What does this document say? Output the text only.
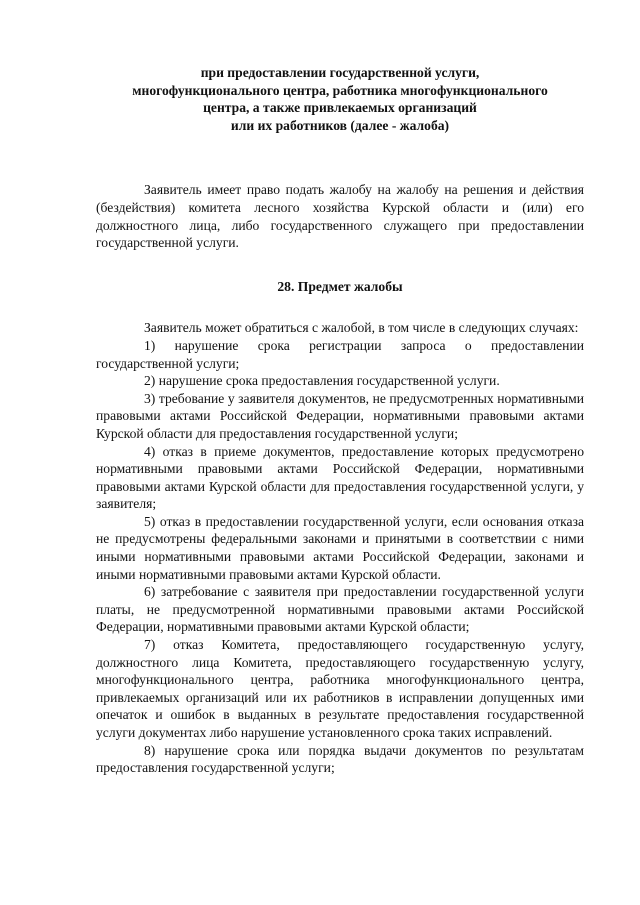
при предоставлении государственной услуги,
многофункционального центра, работника многофункционального
центра, а также привлекаемых организаций
или их работников (далее - жалоба)

Заявитель имеет право подать жалобу на жалобу на решения и действия (бездействия) комитета лесного хозяйства Курской области и (или) его должностного лица, либо государственного служащего при предоставлении государственной услуги.

28. Предмет жалобы

Заявитель может обратиться с жалобой, в том числе в следующих случаях:

1) нарушение срока регистрации запроса о предоставлении государственной услуги;

2) нарушение срока предоставления государственной услуги.

3) требование у заявителя документов, не предусмотренных нормативными правовыми актами Российской Федерации, нормативными правовыми актами Курской области для предоставления государственной услуги;

4) отказ в приеме документов, предоставление которых предусмотрено нормативными правовыми актами Российской Федерации, нормативными правовыми актами Курской области для предоставления государственной услуги, у заявителя;

5) отказ в предоставлении государственной услуги, если основания отказа не предусмотрены федеральными законами и принятыми в соответствии с ними иными нормативными правовыми актами Российской Федерации, законами и иными нормативными правовыми актами Курской области.

6) затребование с заявителя при предоставлении государственной услуги платы, не предусмотренной нормативными правовыми актами Российской Федерации, нормативными правовыми актами Курской области;

7) отказ Комитета, предоставляющего государственную услугу, должностного лица Комитета, предоставляющего государственную услугу, многофункционального центра, работника многофункционального центра, привлекаемых организаций или их работников в исправлении допущенных ими опечаток и ошибок в выданных в результате предоставления государственной услуги документах либо нарушение установленного срока таких исправлений.

8) нарушение срока или порядка выдачи документов по результатам предоставления государственной услуги;
